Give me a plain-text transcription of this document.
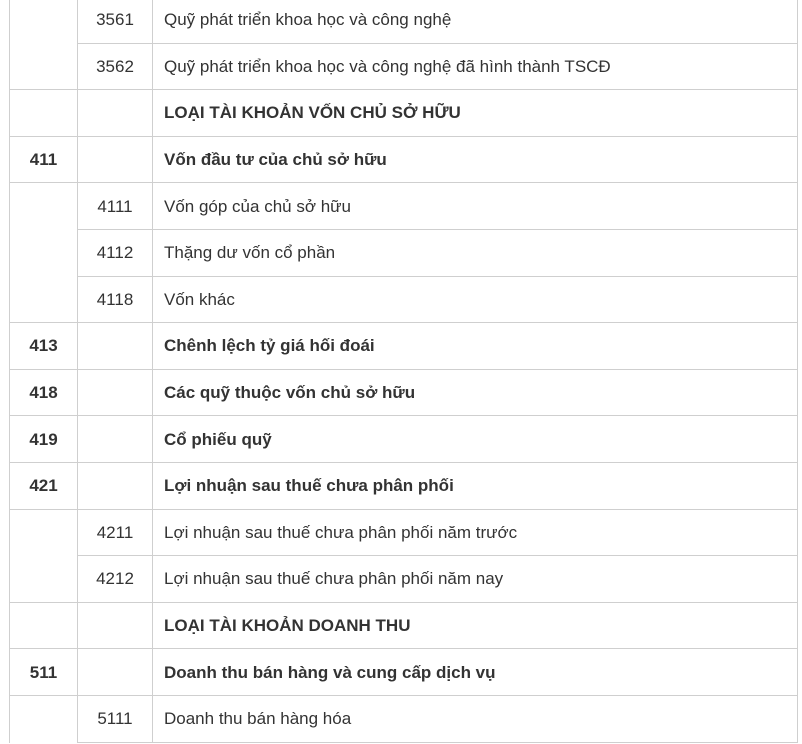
3561	Quỹ phát triển khoa học và công nghệ
3562	Quỹ phát triển khoa học và công nghệ đã hình thành TSCĐ
LOẠI TÀI KHOẢN VỐN CHỦ SỞ HỮU
411	Vốn đầu tư của chủ sở hữu
4111	Vốn góp của chủ sở hữu
4112	Thặng dư vốn cổ phần
4118	Vốn khác
413	Chênh lệch tỷ giá hối đoái
418	Các quỹ thuộc vốn chủ sở hữu
419	Cổ phiếu quỹ
421	Lợi nhuận sau thuế chưa phân phối
4211	Lợi nhuận sau thuế chưa phân phối năm trước
4212	Lợi nhuận sau thuế chưa phân phối năm nay
LOẠI TÀI KHOẢN DOANH THU
511	Doanh thu bán hàng và cung cấp dịch vụ
5111	Doanh thu bán hàng hóa
